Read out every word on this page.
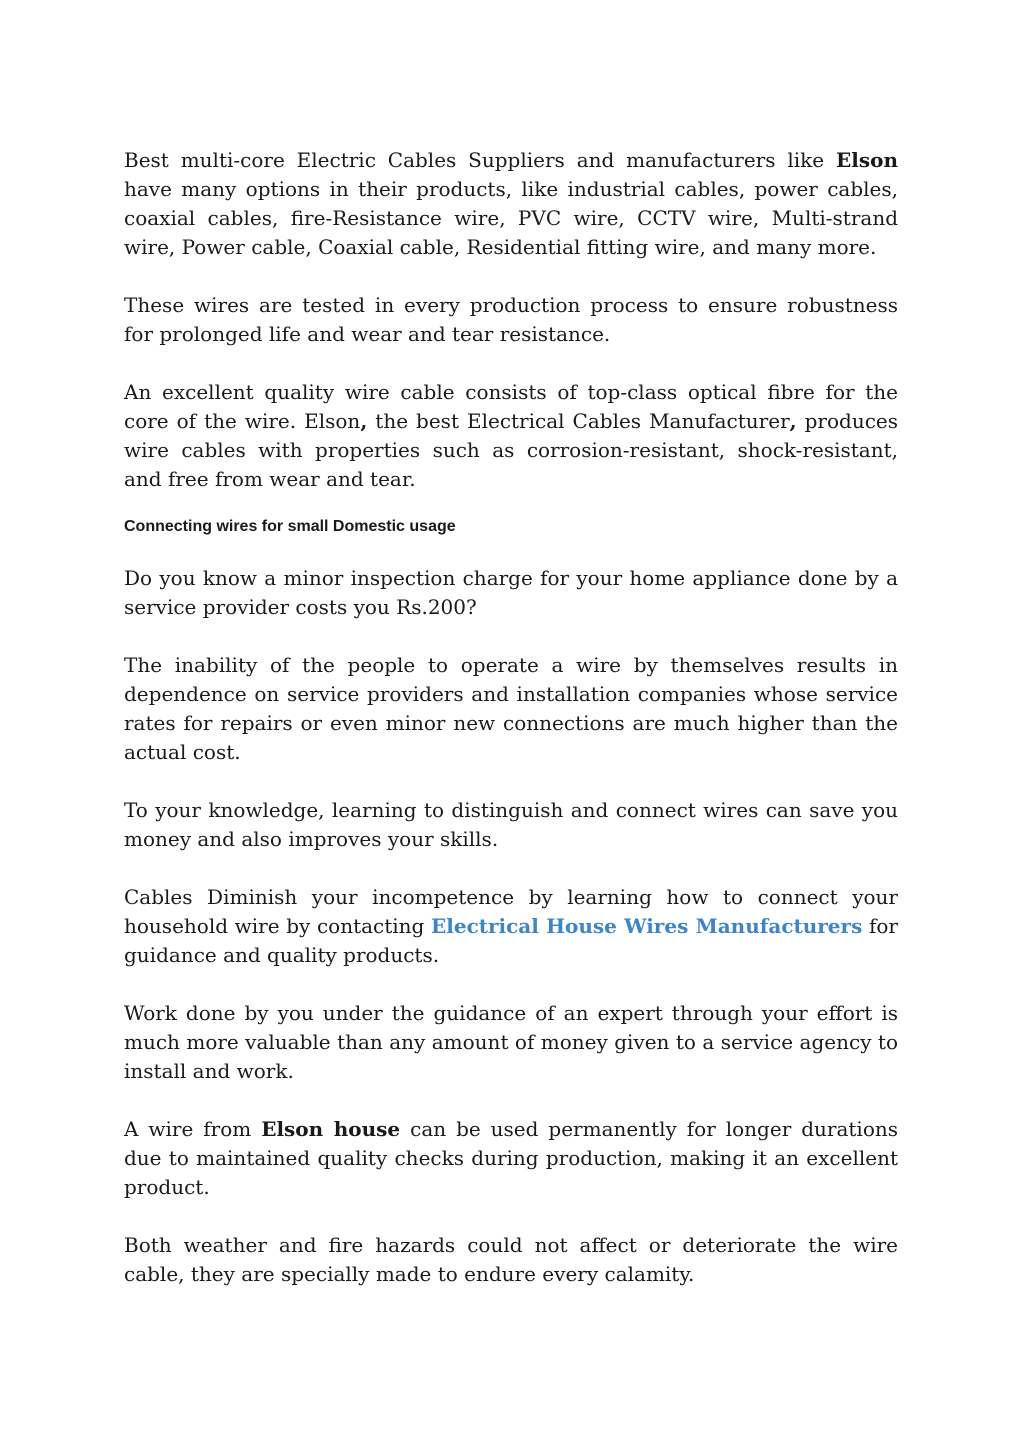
Best multi-core Electric Cables Suppliers and manufacturers like Elson have many options in their products, like industrial cables, power cables, coaxial cables, fire-Resistance wire, PVC wire, CCTV wire, Multi-strand wire, Power cable, Coaxial cable, Residential fitting wire, and many more.

These wires are tested in every production process to ensure robustness for prolonged life and wear and tear resistance.

An excellent quality wire cable consists of top-class optical fibre for the core of the wire. Elson, the best Electrical Cables Manufacturer, produces wire cables with properties such as corrosion-resistant, shock-resistant, and free from wear and tear.

Connecting wires for small Domestic usage

Do you know a minor inspection charge for your home appliance done by a service provider costs you Rs.200?

The inability of the people to operate a wire by themselves results in dependence on service providers and installation companies whose service rates for repairs or even minor new connections are much higher than the actual cost.

To your knowledge, learning to distinguish and connect wires can save you money and also improves your skills.

Cables Diminish your incompetence by learning how to connect your household wire by contacting Electrical House Wires Manufacturers for guidance and quality products.

Work done by you under the guidance of an expert through your effort is much more valuable than any amount of money given to a service agency to install and work.

A wire from Elson house can be used permanently for longer durations due to maintained quality checks during production, making it an excellent product.

Both weather and fire hazards could not affect or deteriorate the wire cable, they are specially made to endure every calamity.
